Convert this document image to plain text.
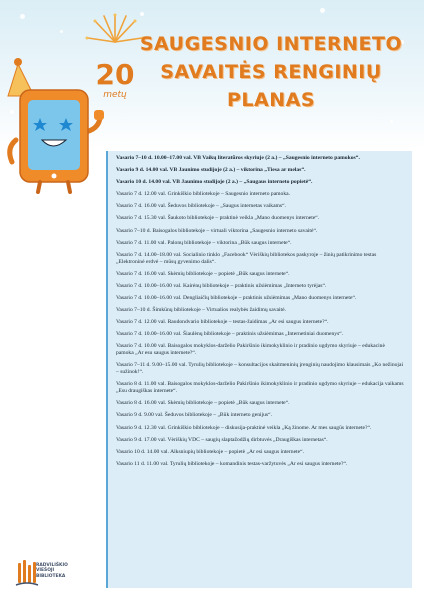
20
metų
SAUGESNIO INTERNETO
SAVAITĖS RENGINIŲ
PLANAS

Vasario 7–10 d. 10.00–17.00 val. VB Vaikų literatūros skyriuje (2 a.) – „Saugesnio interneto pamokos“.

Vasario 9 d. 14.00 val. VB Jaunimo studijoje (2 a.) – viktorina „Tiesa ar melas“.

Vasario 10 d. 14.00 val. VB Jaunimo studijoje (2 a.) – „Saugaus interneto popietė“.

Vasario 7 d. 12.00 val. Grinkiškio bibliotekoje – Saugesnio interneto pamoka.

Vasario 7 d. 16.00 val. Šeduvos bibliotekoje – „Saugus internetas vaikams“.

Vasario 7 d. 15.30 val. Šaukoto bibliotekoje – praktinė veikla „Mano duomenys internete“.

Vasario 7–10 d. Baisogalos bibliotekoje – virtuali viktorina „Saugesnio interneto savaitė“.

Vasario 7 d. 11.00 val. Palonų bibliotekoje – viktorina „Būk saugus internete“.

Vasario 7 d. 14.00–18.00 val. Socialinio tinklo „Facebook“ Vėriškių bibliotekos paskyroje – žinių patikrinimo testas „Elektroninė erdvė – mūsų gyvenimo dalis“.

Vasario 7 d. 16.00 val. Skėmių bibliotekoje – popietė „Būk saugus internete“.

Vasario 7 d. 10.00–16.00 val. Kairėnų bibliotekoje – praktinis užsiėmimas „Interneto tyrėjas“.

Vasario 7 d. 10.00–16.00 val. Dengliaičių bibliotekoje – praktinis užsiėmimas „Mano duomenys internete“.

Vasario 7–10 d. Šimkūnų bibliotekoje – Virtualios realybės žaidimų savaitė.

Vasario 7 d. 12.00 val. Raudondvario bibliotekoje – testas-žaidimas „Ar esi saugus internete?“.

Vasario 7 d. 10.00–16.00 val. Šiaulėnų bibliotekoje – praktinis užsiėmimas „Internetiniai duomenys“.

Vasario 7 d. 10.00 val. Baisogalos mokyklos-darželio Pakiršinio ikimokyklinio ir pradinio ugdymo skyriuje – edukacinė pamoka „Ar esu saugus internete?“.

Vasario 7–11 d. 9.00–15.00 val. Tyrulių bibliotekoje – konsultacijos skaitmeninių įrenginių naudojimo klausimais „Ko nežinojai – sužinok!“.

Vasario 8 d. 11.00 val. Baisogalos mokyklos-darželio Pakiršinio ikimokyklinio ir pradinio ugdymo skyriuje – edukacija vaikams „Esu draugiškas internete“.

Vasario 8 d. 16.00 val. Skėmių bibliotekoje – popietė „Būk saugus internete“.

Vasario 9 d. 9.00 val. Šeduvos bibliotekoje – „Būk interneto genijus“.

Vasario 9 d. 12.30 val. Grinkiškio bibliotekoje – diskusija-praktinė veikla „Ką žinome. Ar mes saugūs internete?“.

Vasario 9 d. 17.00 val. Vėriškių VDC – saugių slaptažodžių dirbtuvės „Draugiškas internetas“.

Vasario 10 d. 14.00 val. Alksniupių bibliotekoje – popietė „Ar esi saugus internete“.

Vasario 11 d. 11.00 val. Tyrulių bibliotekoje – komandinis testas-varžytuvės „Ar esi saugus internete?“.

RADVILIŠKIO
VIEŠOJI
BIBLIOTEKA
